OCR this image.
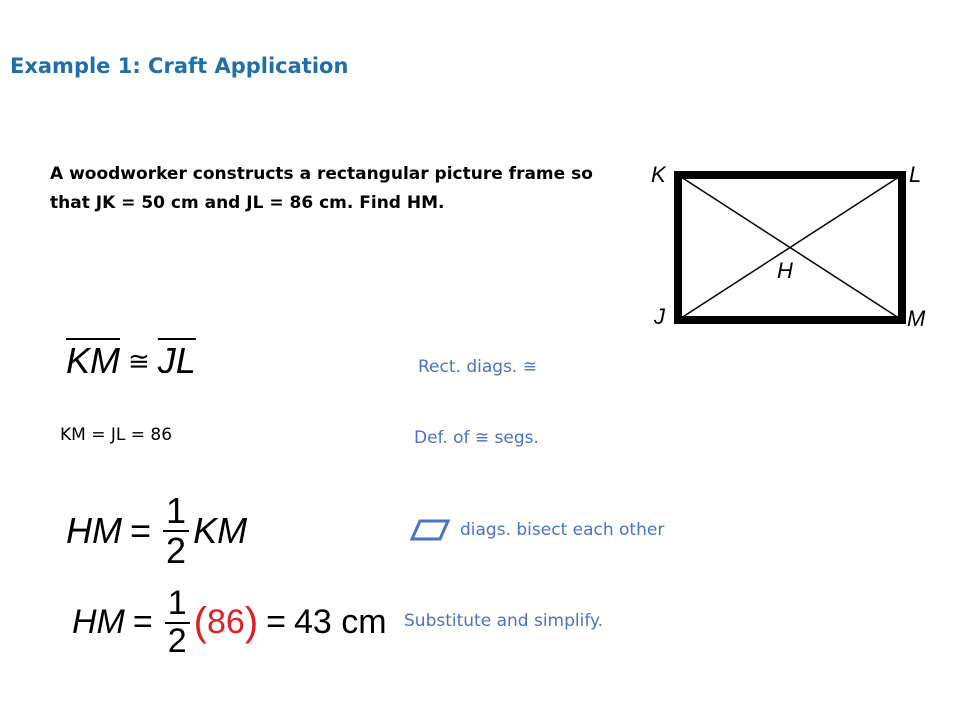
Example 1: Craft Application
A woodworker constructs a rectangular picture frame so that JK = 50 cm and JL = 86 cm. Find HM.
K	L
J	M
H
$\overline{KM}$ ≅ $\overline{JL}$	Rect. diags. ≅
KM = JL = 86	Def. of ≅ segs.
HM = $\frac{1}{2}$ KM	diags. bisect each other
HM = $\frac{1}{2}$ ( 86 ) = 43 cm Substitute and simplify.
